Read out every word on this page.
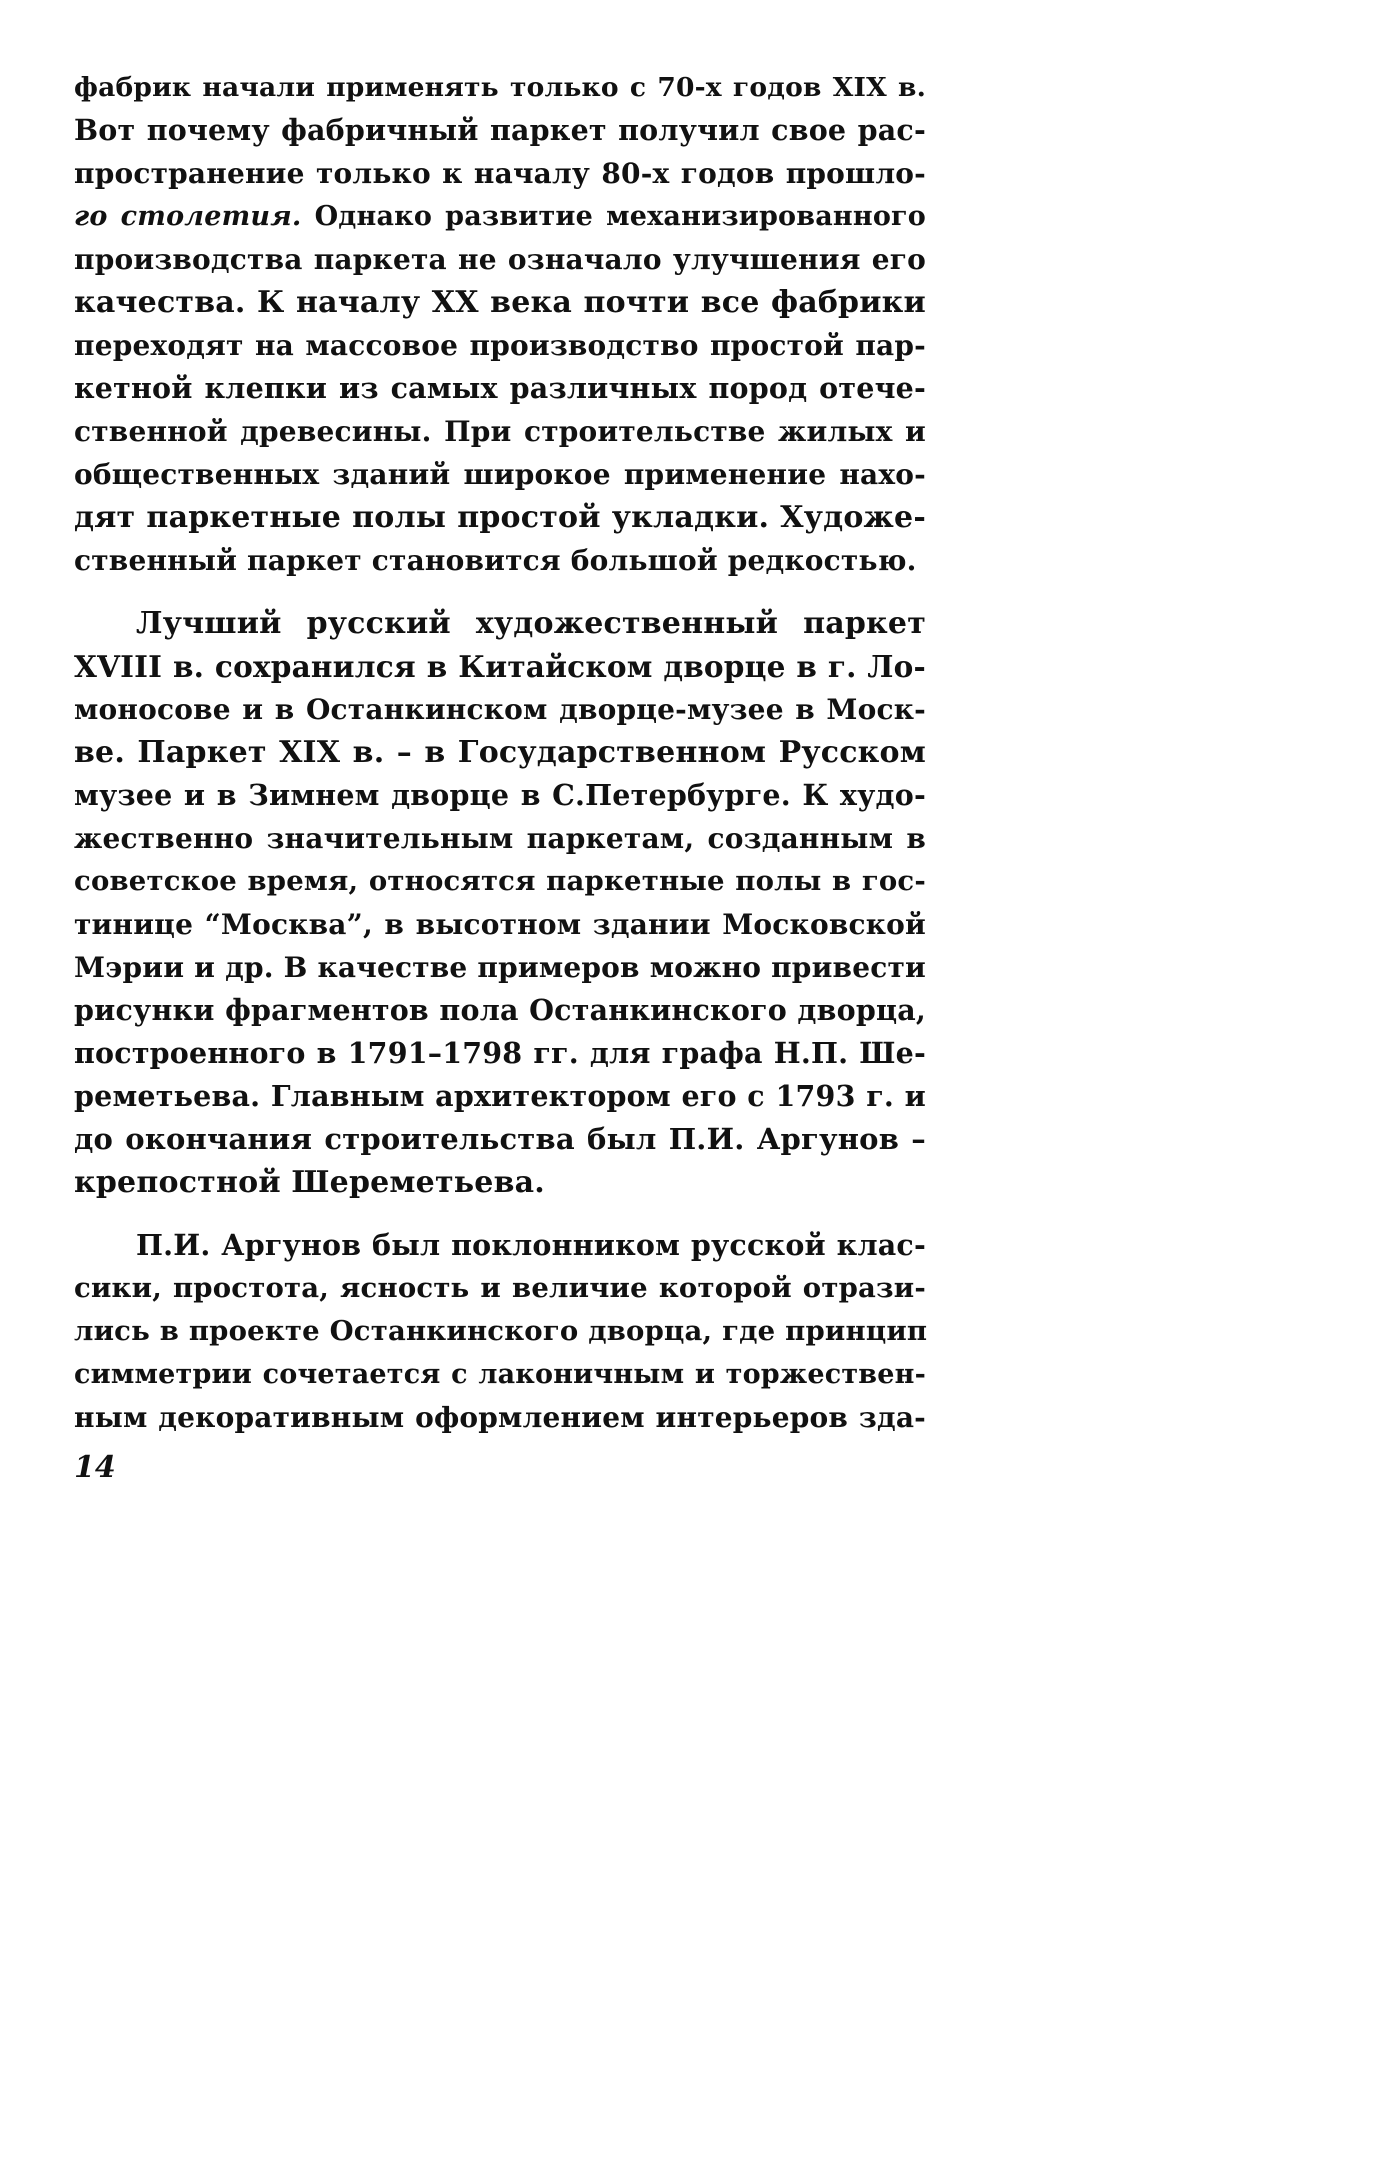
фабрик начали применять только с 70-х годов XIX в.
Вот почему фабричный паркет получил свое рас-
пространение только к началу 80-х годов прошло-
го столетия. Однако развитие механизированного
производства паркета не означало улучшения его
качества. К началу XX века почти все фабрики
переходят на массовое производство простой пар-
кетной клепки из самых различных пород отече-
ственной древесины. При строительстве жилых и
общественных зданий широкое применение нахо-
дят паркетные полы простой укладки. Художе-
ственный паркет становится большой редкостью.
Лучший русский художественный паркет
XVIII в. сохранился в Китайском дворце в г. Ло-
моносове и в Останкинском дворце-музее в Моск-
ве. Паркет XIX в. – в Государственном Русском
музее и в Зимнем дворце в С.Петербурге. К худо-
жественно значительным паркетам, созданным в
советское время, относятся паркетные полы в гос-
тинице “Москва”, в высотном здании Московской
Мэрии и др. В качестве примеров можно привести
рисунки фрагментов пола Останкинского дворца,
построенного в 1791–1798 гг. для графа Н.П. Ше-
реметьева. Главным архитектором его с 1793 г. и
до окончания строительства был П.И. Аргунов –
крепостной Шереметьева.
П.И. Аргунов был поклонником русской клас-
сики, простота, ясность и величие которой отрази-
лись в проекте Останкинского дворца, где принцип
симметрии сочетается с лаконичным и торжествен-
ным декоративным оформлением интерьеров зда-
14
